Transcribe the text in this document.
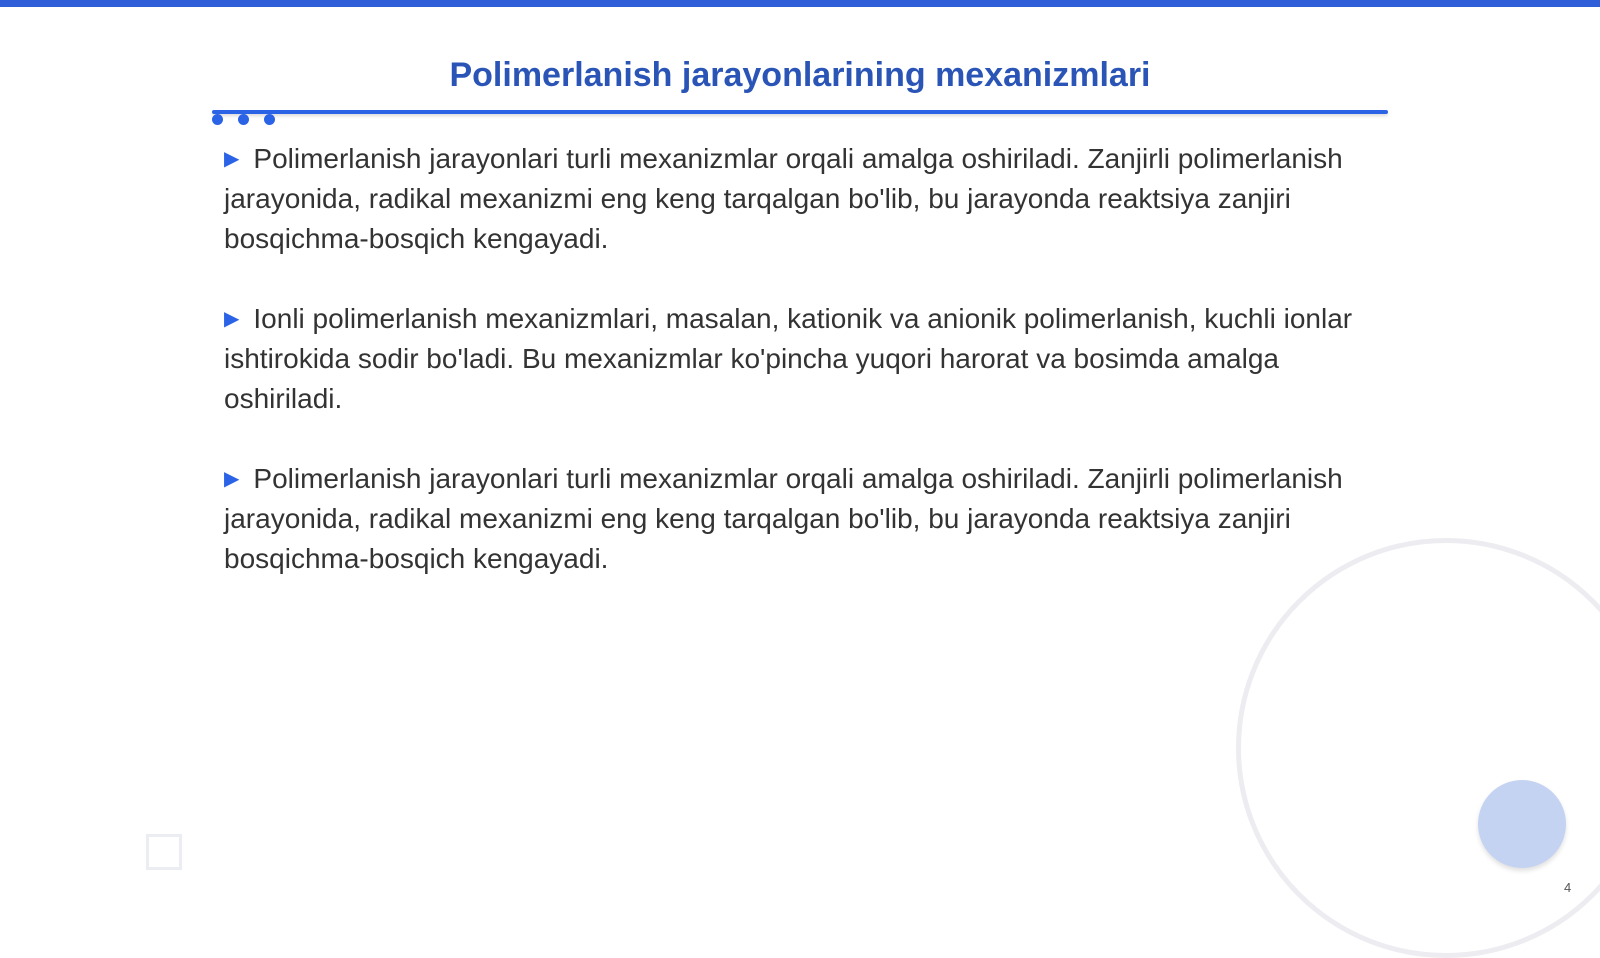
Polimerlanish jarayonlarining mexanizmlari

▶ Polimerlanish jarayonlari turli mexanizmlar orqali amalga oshiriladi. Zanjirli polimerlanish jarayonida, radikal mexanizmi eng keng tarqalgan bo'lib, bu jarayonda reaktsiya zanjiri bosqichma-bosqich kengayadi.

▶ Ionli polimerlanish mexanizmlari, masalan, kationik va anionik polimerlanish, kuchli ionlar ishtirokida sodir bo'ladi. Bu mexanizmlar ko'pincha yuqori harorat va bosimda amalga oshiriladi.

▶ Polimerlanish jarayonlari turli mexanizmlar orqali amalga oshiriladi. Zanjirli polimerlanish jarayonida, radikal mexanizmi eng keng tarqalgan bo'lib, bu jarayonda reaktsiya zanjiri bosqichma-bosqich kengayadi.

4
